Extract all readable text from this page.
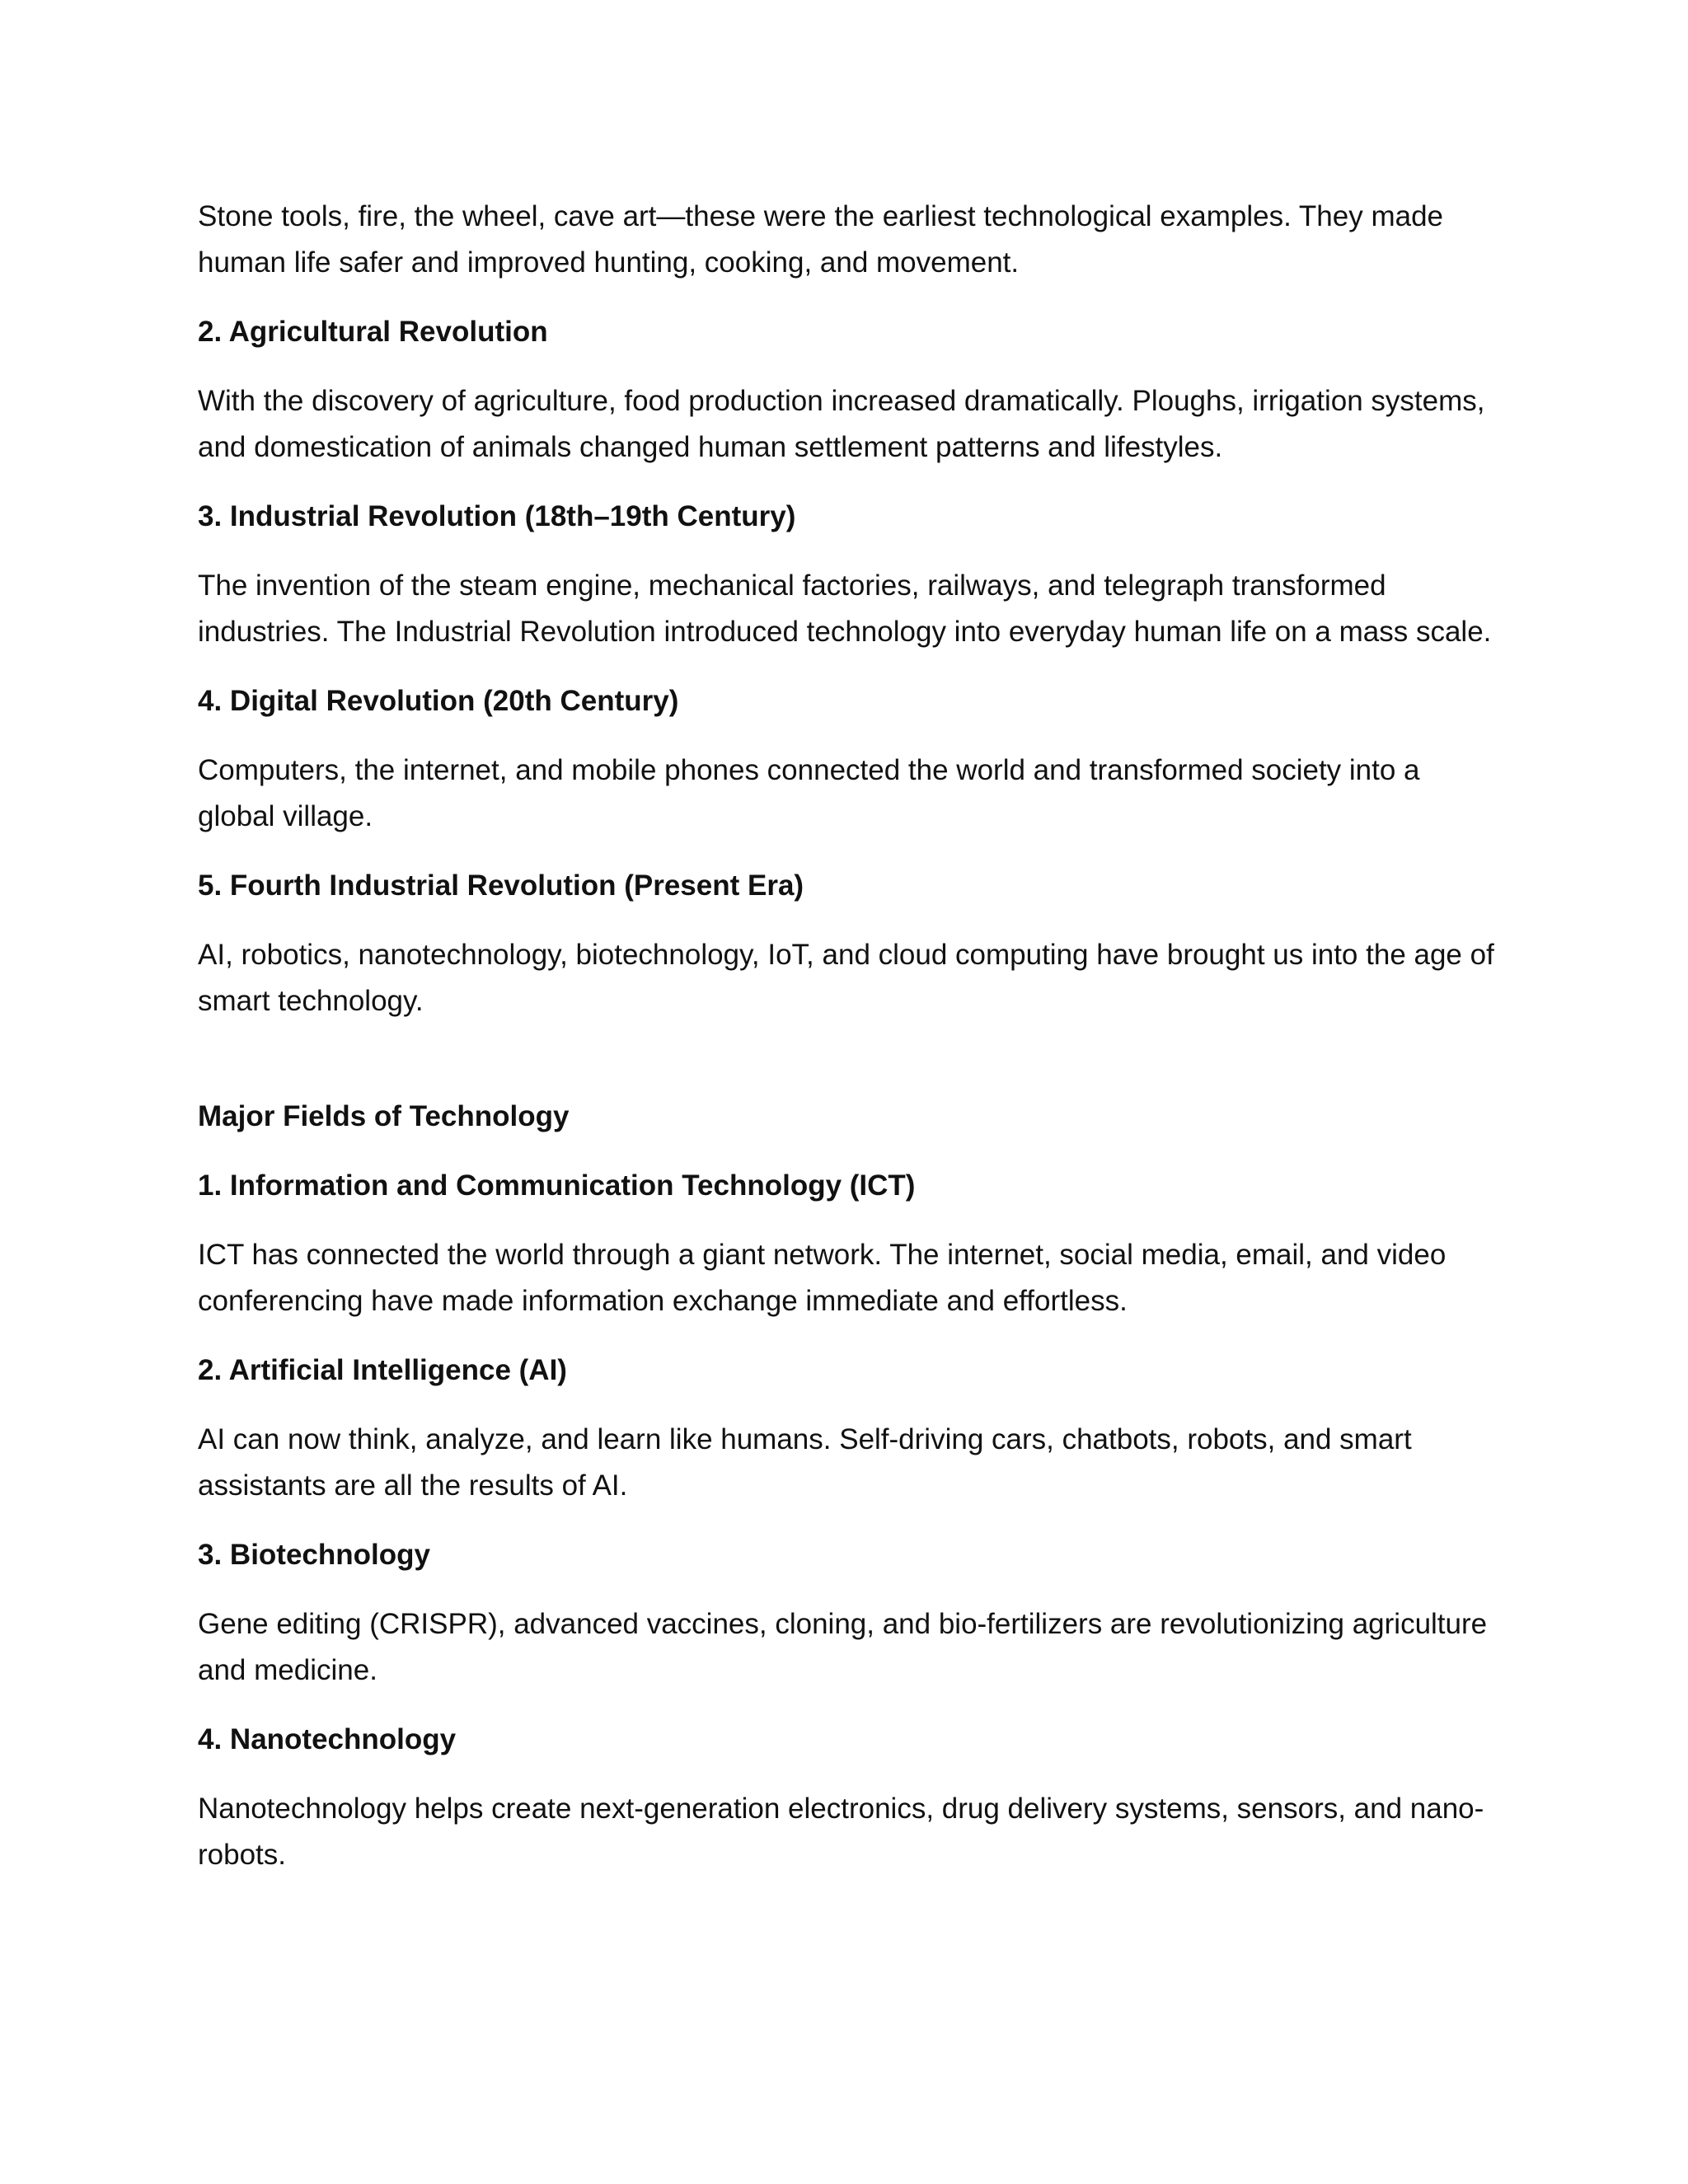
Stone tools, fire, the wheel, cave art—these were the earliest technological examples. They made human life safer and improved hunting, cooking, and movement.

2. Agricultural Revolution

With the discovery of agriculture, food production increased dramatically. Ploughs, irrigation systems, and domestication of animals changed human settlement patterns and lifestyles.

3. Industrial Revolution (18th–19th Century)

The invention of the steam engine, mechanical factories, railways, and telegraph transformed industries. The Industrial Revolution introduced technology into everyday human life on a mass scale.

4. Digital Revolution (20th Century)

Computers, the internet, and mobile phones connected the world and transformed society into a global village.

5. Fourth Industrial Revolution (Present Era)

AI, robotics, nanotechnology, biotechnology, IoT, and cloud computing have brought us into the age of smart technology.

Major Fields of Technology
1. Information and Communication Technology (ICT)

ICT has connected the world through a giant network. The internet, social media, email, and video conferencing have made information exchange immediate and effortless.

2. Artificial Intelligence (AI)

AI can now think, analyze, and learn like humans. Self-driving cars, chatbots, robots, and smart assistants are all the results of AI.

3. Biotechnology

Gene editing (CRISPR), advanced vaccines, cloning, and bio-fertilizers are revolutionizing agriculture and medicine.

4. Nanotechnology

Nanotechnology helps create next-generation electronics, drug delivery systems, sensors, and nano-robots.
